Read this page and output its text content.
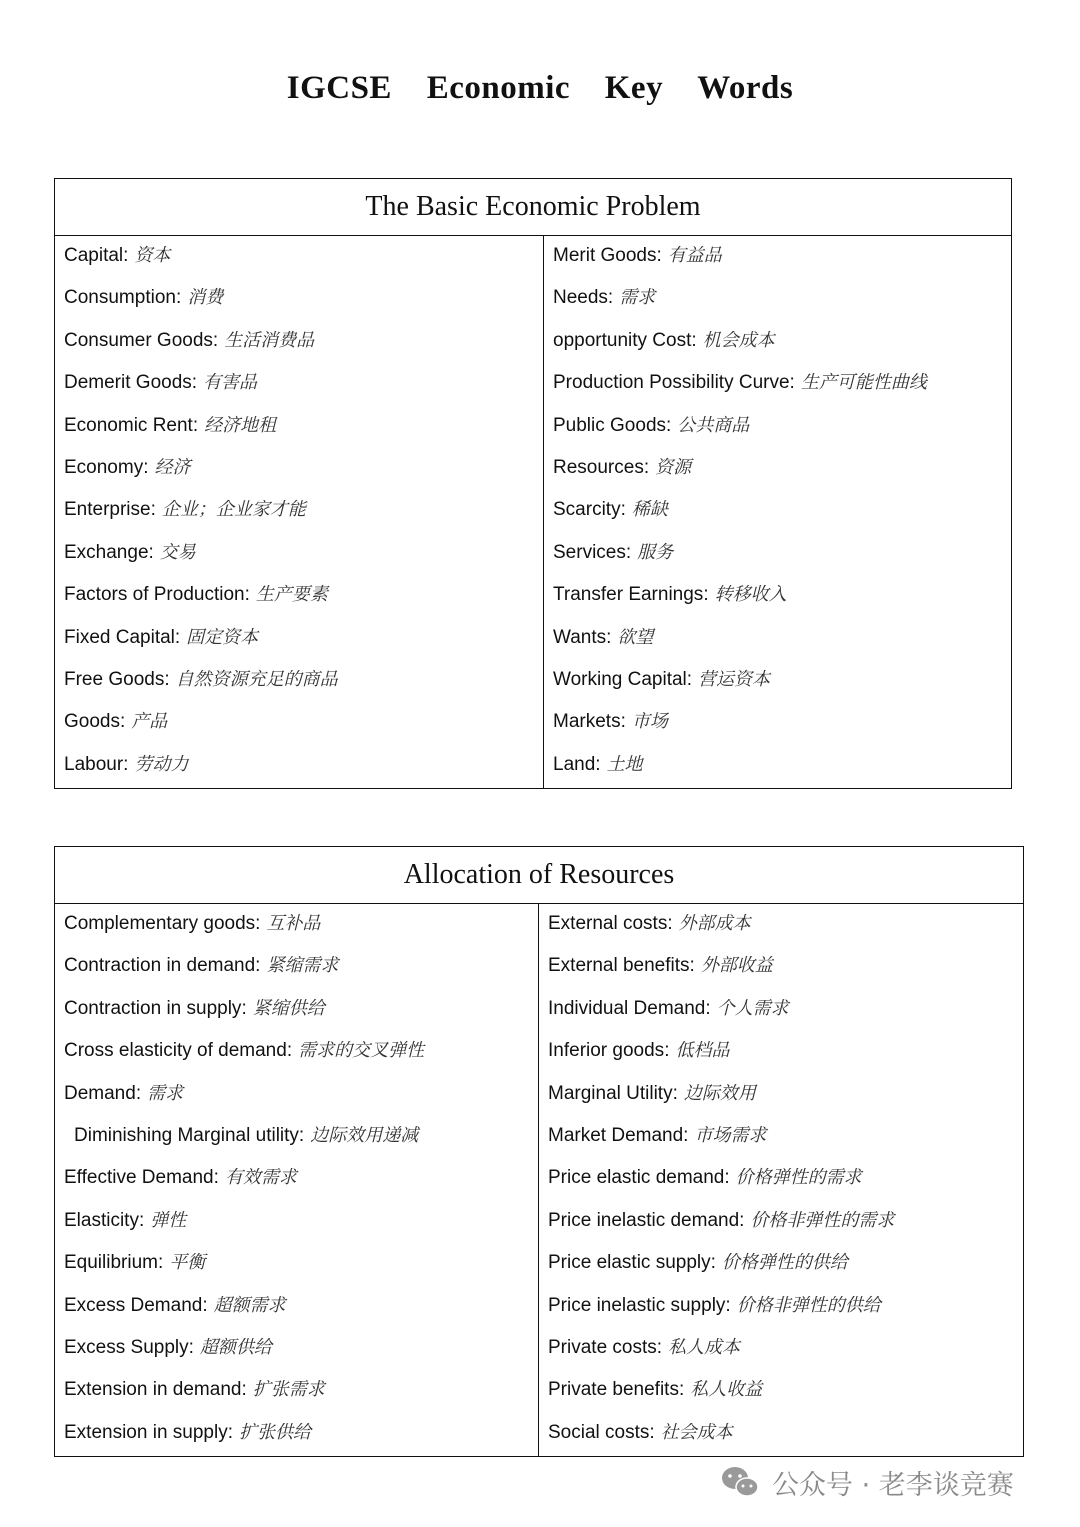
IGCSE Economic Key Words
The Basic Economic Problem
Capital: 资本
Consumption: 消费
Consumer Goods: 生活消费品
Demerit Goods: 有害品
Economic Rent: 经济地租
Economy: 经济
Enterprise: 企业；企业家才能
Exchange: 交易
Factors of Production: 生产要素
Fixed Capital: 固定资本
Free Goods: 自然资源充足的商品
Goods: 产品
Labour: 劳动力
Merit Goods: 有益品
Needs: 需求
opportunity Cost: 机会成本
Production Possibility Curve: 生产可能性曲线
Public Goods: 公共商品
Resources: 资源
Scarcity: 稀缺
Services: 服务
Transfer Earnings: 转移收入
Wants: 欲望
Working Capital: 营运资本
Markets: 市场
Land: 土地
Allocation of Resources
Complementary goods: 互补品
Contraction in demand: 紧缩需求
Contraction in supply: 紧缩供给
Cross elasticity of demand: 需求的交叉弹性
Demand: 需求
Diminishing Marginal utility: 边际效用递减
Effective Demand: 有效需求
Elasticity: 弹性
Equilibrium: 平衡
Excess Demand: 超额需求
Excess Supply: 超额供给
Extension in demand: 扩张需求
Extension in supply: 扩张供给
External costs: 外部成本
External benefits: 外部收益
Individual Demand: 个人需求
Inferior goods: 低档品
Marginal Utility: 边际效用
Market Demand: 市场需求
Price elastic demand: 价格弹性的需求
Price inelastic demand: 价格非弹性的需求
Price elastic supply: 价格弹性的供给
Price inelastic supply: 价格非弹性的供给
Private costs: 私人成本
Private benefits: 私人收益
Social costs: 社会成本
公众号 · 老李谈竞赛
